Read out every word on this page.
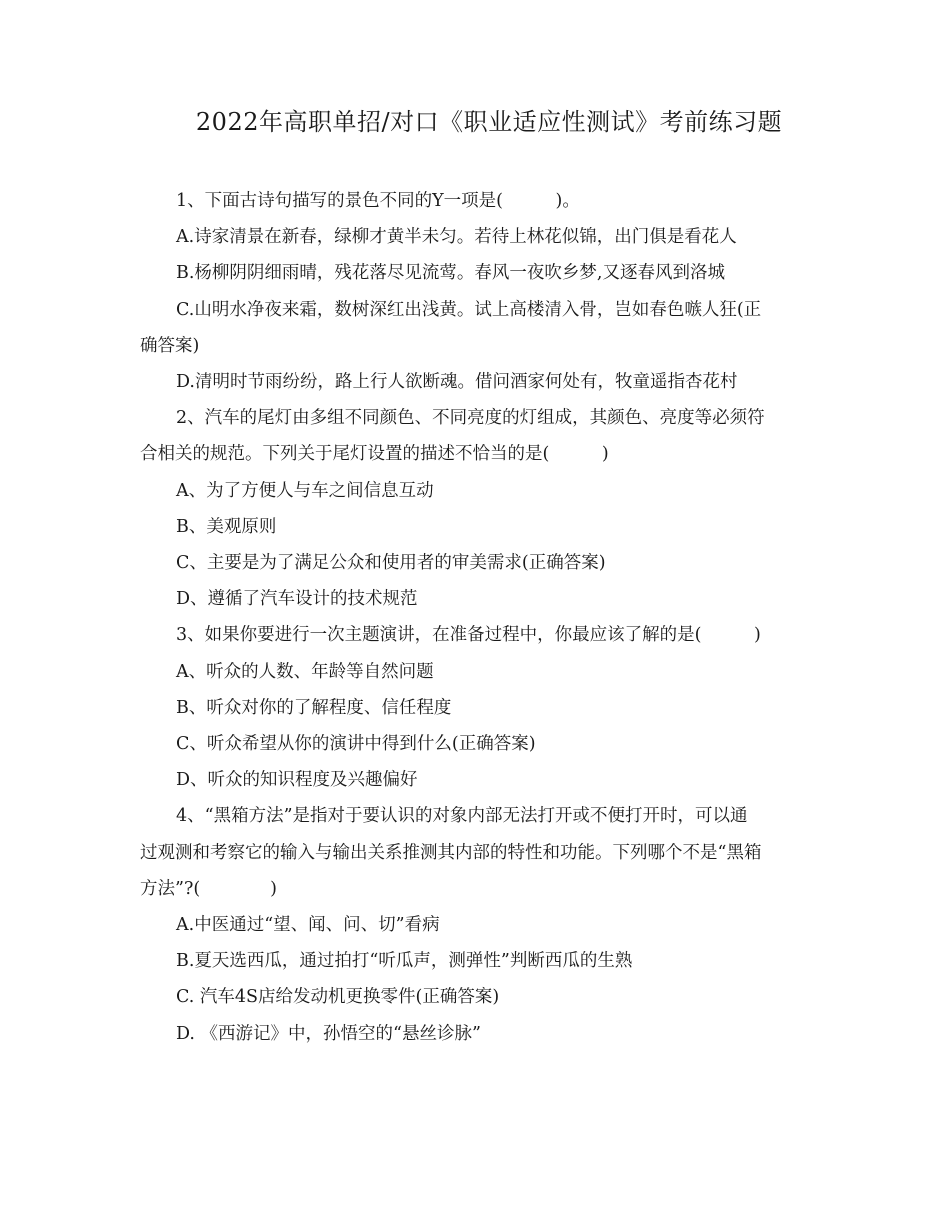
2022年高职单招/对口《职业适应性测试》考前练习题

1、下面古诗句描写的景色不同的Y一项是(　　　)。

A.诗家清景在新春，绿柳才黄半未匀。若待上林花似锦，出门俱是看花人

B.杨柳阴阴细雨晴，残花落尽见流莺。春风一夜吹乡梦,又逐春风到洛城

C.山明水净夜来霜，数树深红出浅黄。试上高楼清入骨，岂如春色嗾人狂(正

确答案)

D.清明时节雨纷纷，路上行人欲断魂。借问酒家何处有，牧童遥指杏花村

2、汽车的尾灯由多组不同颜色、不同亮度的灯组成，其颜色、亮度等必须符

合相关的规范。下列关于尾灯设置的描述不恰当的是(　　　)

A、为了方便人与车之间信息互动

B、美观原则

C、主要是为了满足公众和使用者的审美需求(正确答案)

D、遵循了汽车设计的技术规范

3、如果你要进行一次主题演讲，在准备过程中，你最应该了解的是(　　　)

A、听众的人数、年龄等自然问题

B、听众对你的了解程度、信任程度

C、听众希望从你的演讲中得到什么(正确答案)

D、听众的知识程度及兴趣偏好

4、“黑箱方法”是指对于要认识的对象内部无法打开或不便打开时，可以通

过观测和考察它的输入与输出关系推测其内部的特性和功能。下列哪个不是“黑箱

方法”?(　　　　)

A.中医通过“望、闻、问、切”看病

B.夏天选西瓜，通过拍打“听瓜声，测弹性”判断西瓜的生熟

C. 汽车4S店给发动机更换零件(正确答案)

D. 《西游记》中，孙悟空的“悬丝诊脉”
